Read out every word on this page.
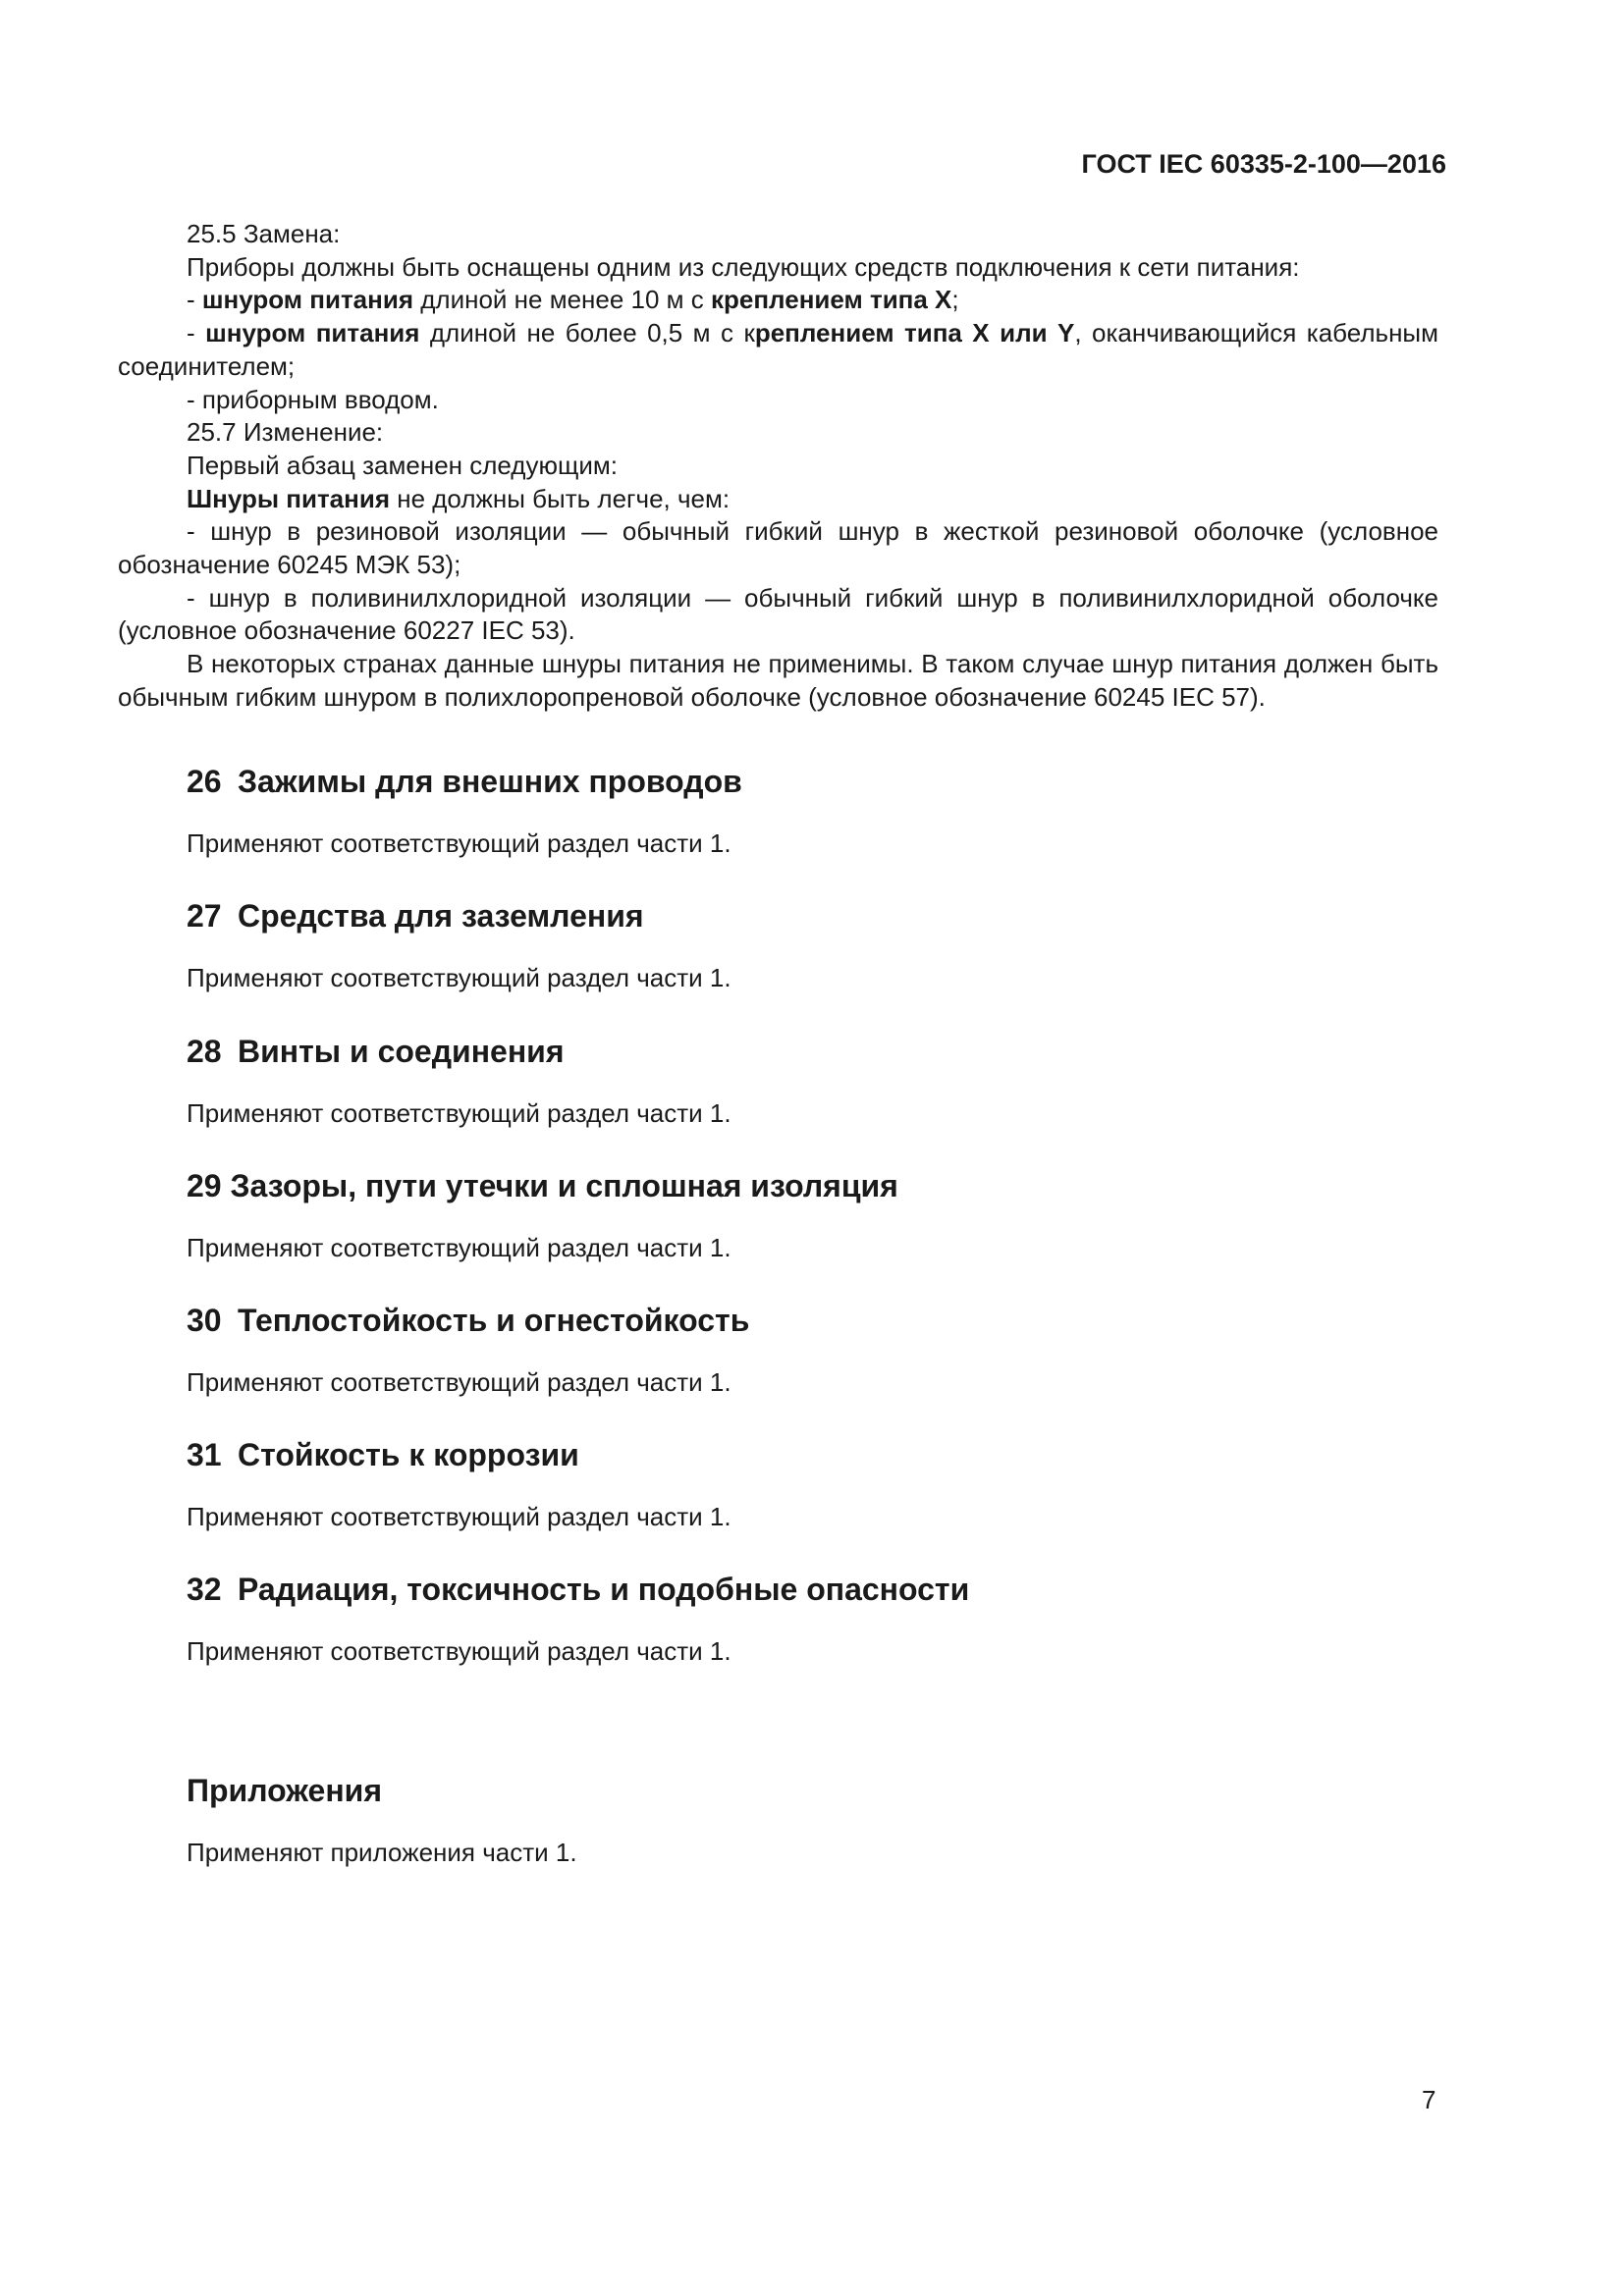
ГОСТ IEC 60335-2-100—2016

25.5 Замена:

Приборы должны быть оснащены одним из следующих средств подключения к сети питания:

- шнуром питания длиной не менее 10 м с креплением типа X;

- шнуром питания длиной не более 0,5 м с креплением типа X или Y, оканчивающийся кабельным соединителем;

- приборным вводом.

25.7 Изменение:

Первый абзац заменен следующим:

Шнуры питания не должны быть легче, чем:

- шнур в резиновой изоляции — обычный гибкий шнур в жесткой резиновой оболочке (условное обозначение 60245 МЭК 53);

- шнур в поливинилхлоридной изоляции — обычный гибкий шнур в поливинилхлоридной оболочке (условное обозначение 60227 IEC 53).

В некоторых странах данные шнуры питания не применимы. В таком случае шнур питания должен быть обычным гибким шнуром в полихлоропреновой оболочке (условное обозначение 60245 IEC 57).

26 Зажимы для внешних проводов

Применяют соответствующий раздел части 1.

27 Средства для заземления

Применяют соответствующий раздел части 1.

28 Винты и соединения

Применяют соответствующий раздел части 1.

29 Зазоры, пути утечки и сплошная изоляция

Применяют соответствующий раздел части 1.

30 Теплостойкость и огнестойкость

Применяют соответствующий раздел части 1.

31 Стойкость к коррозии

Применяют соответствующий раздел части 1.

32 Радиация, токсичность и подобные опасности

Применяют соответствующий раздел части 1.

Приложения

Применяют приложения части 1.

7
